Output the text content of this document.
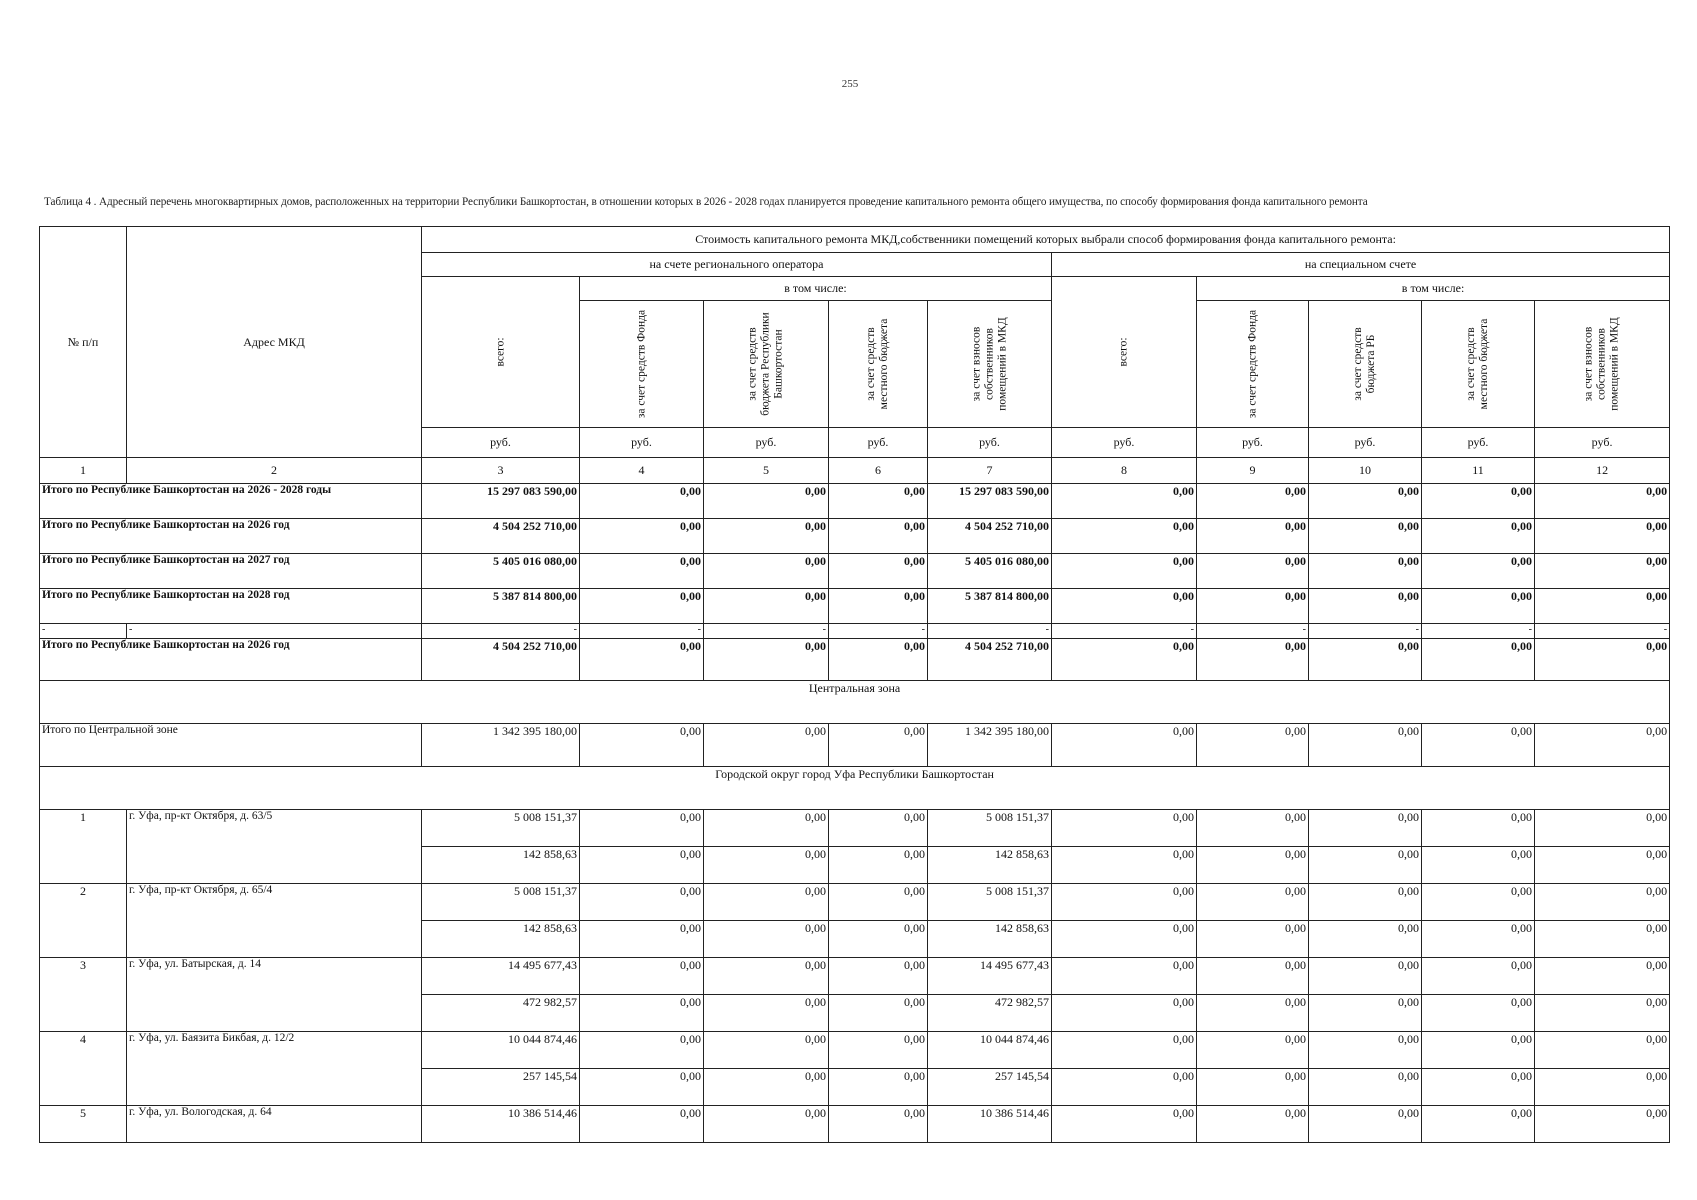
255
Таблица 4 . Адресный перечень многоквартирных домов, расположенных на территории Республики Башкортостан, в отношении которых в 2026 - 2028 годах планируется проведение капитального ремонта общего имущества, по способу формирования фонда капитального ремонта
№ п/п	Адрес МКД	Стоимость капитального ремонта МКД,собственники помещений которых выбрали способ формирования фонда капитального ремонта:									
		на счете регионального оператора					на специальном счете				

		всего:	в том числе:				всего:	в том числе:			

			за счет средств Фонда	за счет средств бюджета Республики Башкортостан	за счет средств местного бюджета	за счет взносов собственников помещений в МКД		за счет средств Фонда	за счет средств бюджета РБ	за счет средств местного бюджета	за счет взносов собственников помещений в МКД

		руб.	руб.	руб.	руб.	руб.	руб.	руб.	руб.	руб.	руб.
1	2	3	4	5	6	7	8	9	10	11	12
Итого по Республике Башкортостан на 2026 - 2028 годы		15 297 083 590,00	0,00	0,00	0,00	15 297 083 590,00	0,00	0,00	0,00	0,00	0,00
Итого по Республике Башкортостан на 2026 год		4 504 252 710,00	0,00	0,00	0,00	4 504 252 710,00	0,00	0,00	0,00	0,00	0,00
Итого по Республике Башкортостан на 2027 год		5 405 016 080,00	0,00	0,00	0,00	5 405 016 080,00	0,00	0,00	0,00	0,00	0,00
Итого по Республике Башкортостан на 2028 год		5 387 814 800,00	0,00	0,00	0,00	5 387 814 800,00	0,00	0,00	0,00	0,00	0,00
-	-	-	-	-	-	-	-	-	-	-	-
Итого по Республике Башкортостан на 2026 год		4 504 252 710,00	0,00	0,00	0,00	4 504 252 710,00	0,00	0,00	0,00	0,00	0,00
Центральная зона											
Итого по Центральной зоне		1 342 395 180,00	0,00	0,00	0,00	1 342 395 180,00	0,00	0,00	0,00	0,00	0,00
Городской округ город Уфа Республики Башкортостан											
1	г. Уфа, пр-кт Октября, д. 63/5	5 008 151,37	0,00	0,00	0,00	5 008 151,37	0,00	0,00	0,00	0,00	0,00
		142 858,63	0,00	0,00	0,00	142 858,63	0,00	0,00	0,00	0,00	0,00
2	г. Уфа, пр-кт Октября, д. 65/4	5 008 151,37	0,00	0,00	0,00	5 008 151,37	0,00	0,00	0,00	0,00	0,00
		142 858,63	0,00	0,00	0,00	142 858,63	0,00	0,00	0,00	0,00	0,00
3	г. Уфа, ул. Батырская, д. 14	14 495 677,43	0,00	0,00	0,00	14 495 677,43	0,00	0,00	0,00	0,00	0,00
		472 982,57	0,00	0,00	0,00	472 982,57	0,00	0,00	0,00	0,00	0,00
4	г. Уфа, ул. Баязита Бикбая, д. 12/2	10 044 874,46	0,00	0,00	0,00	10 044 874,46	0,00	0,00	0,00	0,00	0,00
		257 145,54	0,00	0,00	0,00	257 145,54	0,00	0,00	0,00	0,00	0,00
5	г. Уфа, ул. Вологодская, д. 64	10 386 514,46	0,00	0,00	0,00	10 386 514,46	0,00	0,00	0,00	0,00	0,00
